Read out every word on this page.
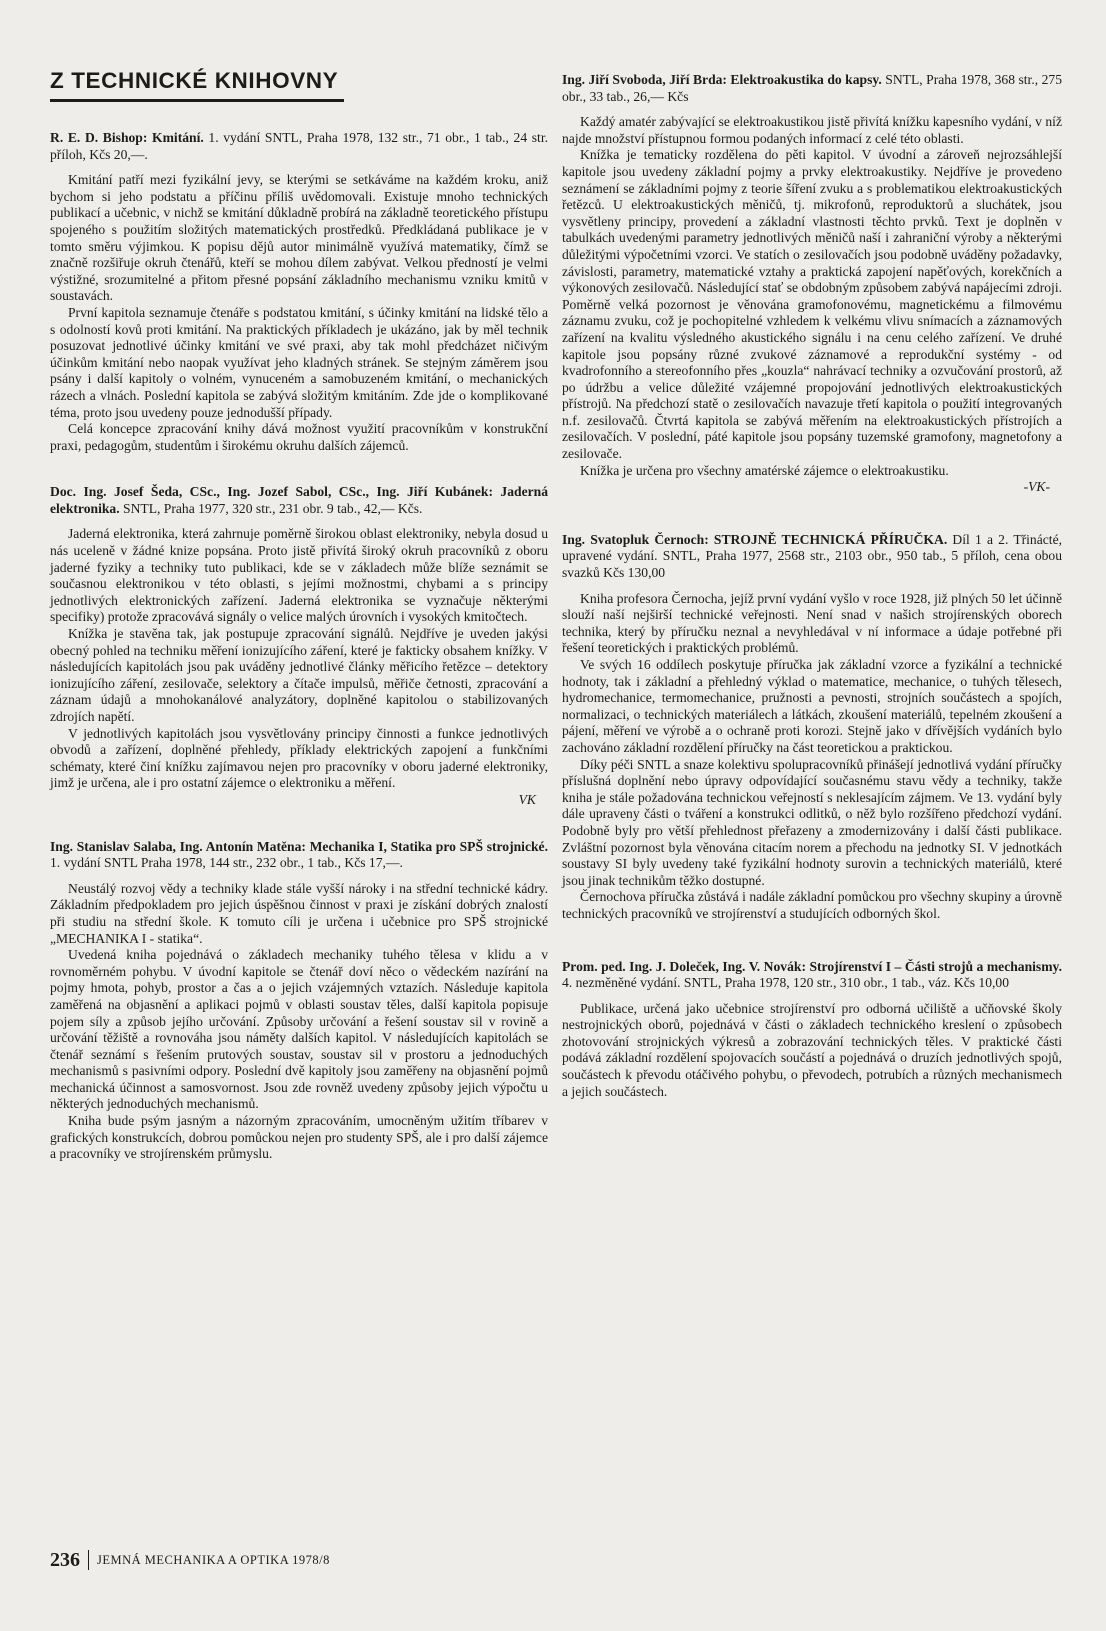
Z TECHNICKÉ KNIHOVNY

R. E. D. Bishop: Kmitání. 1. vydání SNTL, Praha 1978, 132 str., 71 obr., 1 tab., 24 str. příloh, Kčs 20,—.

Kmitání patří mezi fyzikální jevy, se kterými se setkáváme na každém kroku, aniž bychom si jeho podstatu a příčinu příliš uvědomovali. Existuje mnoho technických publikací a učebnic, v nichž se kmitání důkladně probírá na základně teoretického přístupu spojeného s použitím složitých matematických prostředků. Předkládaná publikace je v tomto směru výjimkou. K popisu dějů autor minimálně využívá matematiky, čímž se značně rozšiřuje okruh čtenářů, kteří se mohou dílem zabývat. Velkou předností je velmi výstižné, srozumitelné a přitom přesné popsání základního mechanismu vzniku kmitů v soustavách.

První kapitola seznamuje čtenáře s podstatou kmitání, s účinky kmitání na lidské tělo a s odolností kovů proti kmitání. Na praktických příkladech je ukázáno, jak by měl technik posuzovat jednotlivé účinky kmitání ve své praxi, aby tak mohl předcházet ničivým účinkům kmitání nebo naopak využívat jeho kladných stránek. Se stejným záměrem jsou psány i další kapitoly o volném, vynuceném a samobuzeném kmitání, o mechanických rázech a vlnách. Poslední kapitola se zabývá složitým kmitáním. Zde jde o komplikované téma, proto jsou uvedeny pouze jednodušší případy.

Celá koncepce zpracování knihy dává možnost využití pracovníkům v konstrukční praxi, pedagogům, studentům i širokému okruhu dalších zájemců.

Doc. Ing. Josef Šeda, CSc., Ing. Jozef Sabol, CSc., Ing. Jiří Kubánek: Jaderná elektronika. SNTL, Praha 1977, 320 str., 231 obr. 9 tab., 42,— Kčs.

Jaderná elektronika, která zahrnuje poměrně širokou oblast elektroniky, nebyla dosud u nás uceleně v žádné knize popsána. Proto jistě přivítá široký okruh pracovníků z oboru jaderné fyziky a techniky tuto publikaci, kde se v základech může blíže seznámit se současnou elektronikou v této oblasti, s jejími možnostmi, chybami a s principy jednotlivých elektronických zařízení. Jaderná elektronika se vyznačuje některými specifiky) protože zpracovává signály o velice malých úrovních i vysokých kmitočtech.

Knížka je stavěna tak, jak postupuje zpracování signálů. Nejdříve je uveden jakýsi obecný pohled na techniku měření ionizujícího záření, které je fakticky obsahem knížky. V následujících kapitolách jsou pak uváděny jednotlivé články měřicího řetězce – detektory ionizujícího záření, zesilovače, selektory a čítače impulsů, měřiče četnosti, zpracování a záznam údajů a mnohokanálové analyzátory, doplněné kapitolou o stabilizovaných zdrojích napětí.

V jednotlivých kapitolách jsou vysvětlovány principy činnosti a funkce jednotlivých obvodů a zařízení, doplněné přehledy, příklady elektrických zapojení a funkčními schématy, které činí knížku zajímavou nejen pro pracovníky v oboru jaderné elektroniky, jimž je určena, ale i pro ostatní zájemce o elektroniku a měření.

VK

Ing. Stanislav Salaba, Ing. Antonín Matěna: Mechanika I, Statika pro SPŠ strojnické. 1. vydání SNTL Praha 1978, 144 str., 232 obr., 1 tab., Kčs 17,—.

Neustálý rozvoj vědy a techniky klade stále vyšší nároky i na střední technické kádry. Základním předpokladem pro jejich úspěšnou činnost v praxi je získání dobrých znalostí při studiu na střední škole. K tomuto cíli je určena i učebnice pro SPŠ strojnické „MECHANIKA I - statika“.

Uvedená kniha pojednává o základech mechaniky tuhého tělesa v klidu a v rovnoměrném pohybu. V úvodní kapitole se čtenář doví něco o vědeckém nazírání na pojmy hmota, pohyb, prostor a čas a o jejich vzájemných vztazích. Následuje kapitola zaměřená na objasnění a aplikaci pojmů v oblasti soustav těles, další kapitola popisuje pojem síly a způsob jejího určování. Způsoby určování a řešení soustav sil v rovině a určování těžiště a rovnováha jsou náměty dalších kapitol. V následujících kapitolách se čtenář seznámí s řešením prutových soustav, soustav sil v prostoru a jednoduchých mechanismů s pasivními odpory. Poslední dvě kapitoly jsou zaměřeny na objasnění pojmů mechanická účinnost a samosvornost. Jsou zde rovněž uvedeny způsoby jejich výpočtu u některých jednoduchých mechanismů.

Kniha bude psým jasným a názorným zpracováním, umocněným užitím tříbarev v grafických konstrukcích, dobrou pomůckou nejen pro studenty SPŠ, ale i pro další zájemce a pracovníky ve strojírenském průmyslu.

Ing. Jiří Svoboda, Jiří Brda: Elektroakustika do kapsy. SNTL, Praha 1978, 368 str., 275 obr., 33 tab., 26,— Kčs

Každý amatér zabývající se elektroakustikou jistě přivítá knížku kapesního vydání, v níž najde množství přístupnou formou podaných informací z celé této oblasti.

Knížka je tematicky rozdělena do pěti kapitol. V úvodní a zároveň nejrozsáhlejší kapitole jsou uvedeny základní pojmy a prvky elektroakustiky. Nejdříve je provedeno seznámení se základními pojmy z teorie šíření zvuku a s problematikou elektroakustických řetězců. U elektroakustických měničů, tj. mikrofonů, reproduktorů a sluchátek, jsou vysvětleny principy, provedení a základní vlastnosti těchto prvků. Text je doplněn v tabulkách uvedenými parametry jednotlivých měničů naší i zahraniční výroby a některými důležitými výpočetními vzorci. Ve statích o zesilovačích jsou podobně uváděny požadavky, závislosti, parametry, matematické vztahy a praktická zapojení napěťových, korekčních a výkonových zesilovačů. Následující stať se obdobným způsobem zabývá napájecími zdroji. Poměrně velká pozornost je věnována gramofonovému, magnetickému a filmovému záznamu zvuku, což je pochopitelné vzhledem k velkému vlivu snímacích a záznamových zařízení na kvalitu výsledného akustického signálu i na cenu celého zařízení. Ve druhé kapitole jsou popsány různé zvukové záznamové a reprodukční systémy - od kvadrofonního a stereofonního přes „kouzla“ nahrávací techniky a ozvučování prostorů, až po údržbu a velice důležité vzájemné propojování jednotlivých elektroakustických přístrojů. Na předchozí statě o zesilovačích navazuje třetí kapitola o použití integrovaných n.f. zesilovačů. Čtvrtá kapitola se zabývá měřením na elektroakustických přístrojích a zesilovačích. V poslední, páté kapitole jsou popsány tuzemské gramofony, magnetofony a zesilovače.

Knížka je určena pro všechny amatérské zájemce o elektroakustiku.

-VK-

Ing. Svatopluk Černoch: STROJNĚ TECHNICKÁ PŘÍRUČKA. Díl 1 a 2. Třinácté, upravené vydání. SNTL, Praha 1977, 2568 str., 2103 obr., 950 tab., 5 příloh, cena obou svazků Kčs 130,00

Kniha profesora Černocha, jejíž první vydání vyšlo v roce 1928, již plných 50 let účinně slouží naší nejširší technické veřejnosti. Není snad v našich strojírenských oborech technika, který by příručku neznal a nevyhledával v ní informace a údaje potřebné při řešení teoretických i praktických problémů.

Ve svých 16 oddílech poskytuje příručka jak základní vzorce a fyzikální a technické hodnoty, tak i základní a přehledný výklad o matematice, mechanice, o tuhých tělesech, hydromechanice, termomechanice, pružnosti a pevnosti, strojních součástech a spojích, normalizaci, o technických materiálech a látkách, zkoušení materiálů, tepelném zkoušení a pájení, měření ve výrobě a o ochraně proti korozi. Stejně jako v dřívějších vydáních bylo zachováno základní rozdělení příručky na část teoretickou a praktickou.

Díky péči SNTL a snaze kolektivu spolupracovníků přinášejí jednotlivá vydání příručky příslušná doplnění nebo úpravy odpovídající současnému stavu vědy a techniky, takže kniha je stále požadována technickou veřejností s neklesajícím zájmem. Ve 13. vydání byly dále upraveny části o tváření a konstrukci odlitků, o něž bylo rozšířeno předchozí vydání. Podobně byly pro větší přehlednost přeřazeny a zmodernizovány i další části publikace. Zvláštní pozornost byla věnována citacím norem a přechodu na jednotky SI. V jednotkách soustavy SI byly uvedeny také fyzikální hodnoty surovin a technických materiálů, které jsou jinak technikům těžko dostupné.

Černochova příručka zůstává i nadále základní pomůckou pro všechny skupiny a úrovně technických pracovníků ve strojírenství a studujících odborných škol.

Prom. ped. Ing. J. Doleček, Ing. V. Novák: Strojírenství I – Části strojů a mechanismy. 4. nezměněné vydání. SNTL, Praha 1978, 120 str., 310 obr., 1 tab., váz. Kčs 10,00

Publikace, určená jako učebnice strojírenství pro odborná učiliště a učňovské školy nestrojnických oborů, pojednává v části o základech technického kreslení o způsobech zhotovování strojnických výkresů a zobrazování technických těles. V praktické části podává základní rozdělení spojovacích součástí a pojednává o druzích jednotlivých spojů, součástech k převodu otáčivého pohybu, o převodech, potrubích a různých mechanismech a jejich součástech.

236	JEMNÁ MECHANIKA A OPTIKA 1978/8
